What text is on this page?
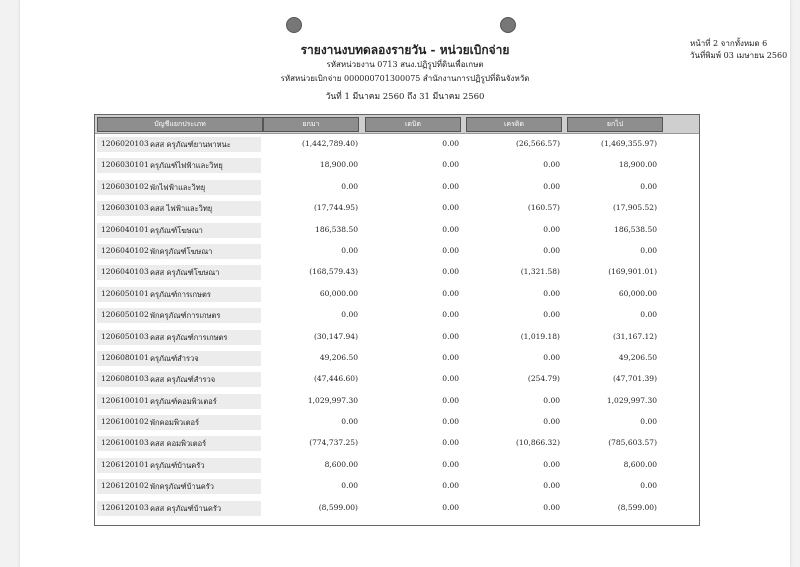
รายงานงบทดลองรายวัน - หน่วยเบิกจ่าย
รหัสหน่วยงาน 0713 สนง.ปฏิรูปที่ดินเพื่อเกษต
รหัสหน่วยเบิกจ่าย 000000701300075 สำนักงานการปฏิรูปที่ดินจังหวัด
วันที่ 1 มีนาคม 2560 ถึง 31 มีนาคม 2560
หน้าที่ 2 จากทั้งหมด 6
วันที่พิมพ์ 03 เมษายน 2560
บัญชีแยกประเภท	ยกมา	เดบิต	เครดิต	ยกไป
1206020103 คสส ครุภัณฑ์ยานพาหนะ	(1,442,789.40)	0.00	(26,566.57)	(1,469,355.97)
1206030101 ครุภัณฑ์ไฟฟ้าและวิทยุ	18,900.00	0.00	0.00	18,900.00
1206030102 พักไฟฟ้าและวิทยุ	0.00	0.00	0.00	0.00
1206030103 คสส ไฟฟ้าและวิทยุ	(17,744.95)	0.00	(160.57)	(17,905.52)
1206040101 ครุภัณฑ์โฆษณา	186,538.50	0.00	0.00	186,538.50
1206040102 พักครุภัณฑ์โฆษณา	0.00	0.00	0.00	0.00
1206040103 คสส ครุภัณฑ์โฆษณา	(168,579.43)	0.00	(1,321.58)	(169,901.01)
1206050101 ครุภัณฑ์การเกษตร	60,000.00	0.00	0.00	60,000.00
1206050102 พักครุภัณฑ์การเกษตร	0.00	0.00	0.00	0.00
1206050103 คสส ครุภัณฑ์การเกษตร	(30,147.94)	0.00	(1,019.18)	(31,167.12)
1206080101 ครุภัณฑ์สำรวจ	49,206.50	0.00	0.00	49,206.50
1206080103 คสส ครุภัณฑ์สำรวจ	(47,446.60)	0.00	(254.79)	(47,701.39)
1206100101 ครุภัณฑ์คอมพิวเตอร์	1,029,997.30	0.00	0.00	1,029,997.30
1206100102 พักคอมพิวเตอร์	0.00	0.00	0.00	0.00
1206100103 คสส คอมพิวเตอร์	(774,737.25)	0.00	(10,866.32)	(785,603.57)
1206120101 ครุภัณฑ์บ้านครัว	8,600.00	0.00	0.00	8,600.00
1206120102 พักครุภัณฑ์บ้านครัว	0.00	0.00	0.00	0.00
1206120103 คสส ครุภัณฑ์บ้านครัว	(8,599.00)	0.00	0.00	(8,599.00)
